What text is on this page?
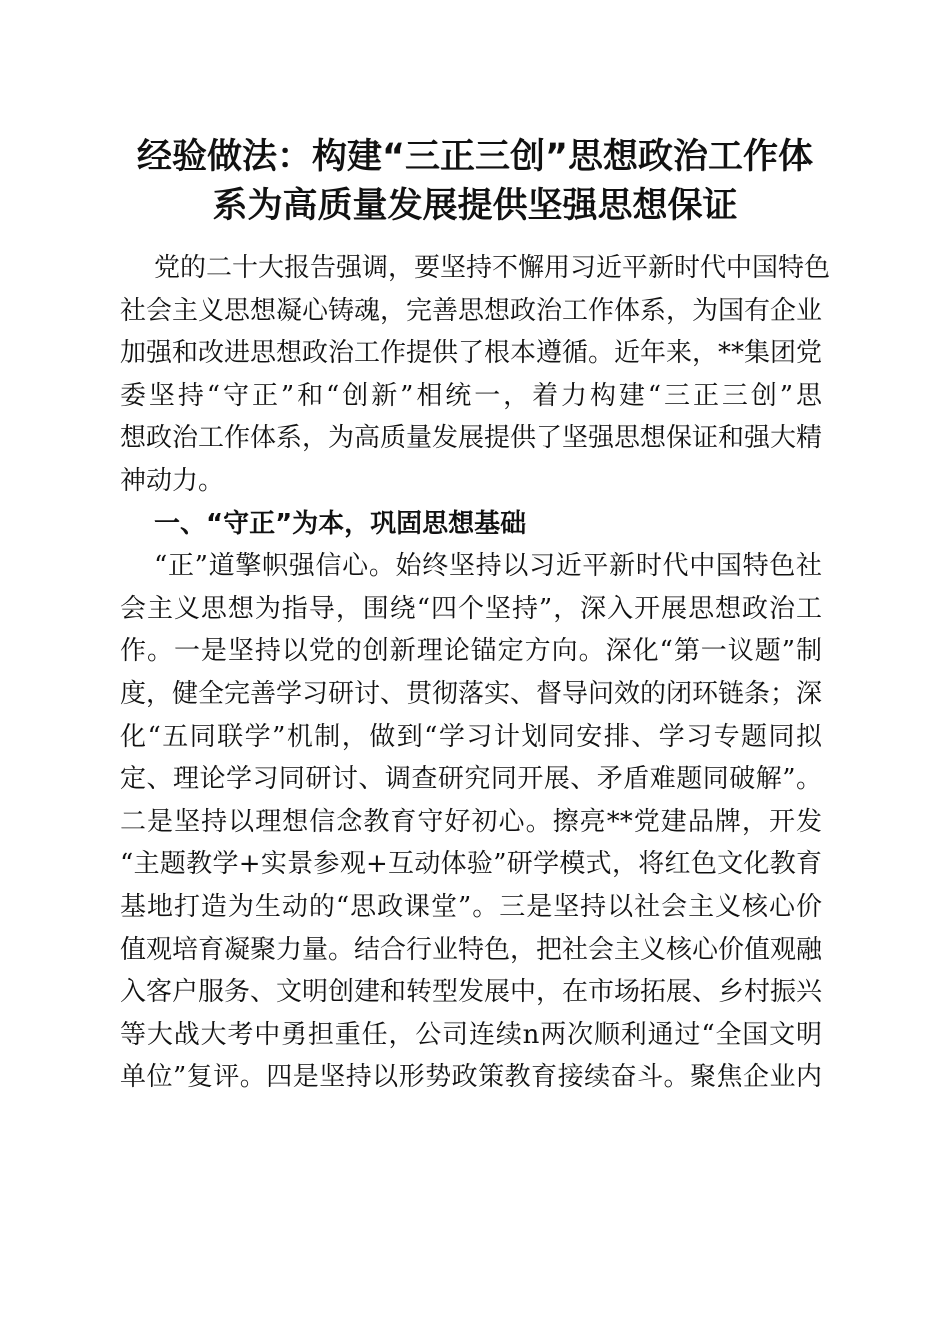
经验做法：构建“三正三创”思想政治工作体
系为高质量发展提供坚强思想保证
党的二十大报告强调，要坚持不懈用习近平新时代中国特色
社会主义思想凝心铸魂，完善思想政治工作体系，为国有企业
加强和改进思想政治工作提供了根本遵循。近年来，**集团党
委坚持“守正”和“创新”相统一，着力构建“三正三创”思
想政治工作体系，为高质量发展提供了坚强思想保证和强大精
神动力。
一、“守正”为本，巩固思想基础
“正”道擎帜强信心。始终坚持以习近平新时代中国特色社
会主义思想为指导，围绕“四个坚持”，深入开展思想政治工
作。一是坚持以党的创新理论锚定方向。深化“第一议题”制
度，健全完善学习研讨、贯彻落实、督导问效的闭环链条；深
化“五同联学”机制，做到“学习计划同安排、学习专题同拟
定、理论学习同研讨、调查研究同开展、矛盾难题同破解”。
二是坚持以理想信念教育守好初心。擦亮**党建品牌，开发
“主题教学+实景参观+互动体验”研学模式，将红色文化教育
基地打造为生动的“思政课堂”。三是坚持以社会主义核心价
值观培育凝聚力量。结合行业特色，把社会主义核心价值观融
入客户服务、文明创建和转型发展中，在市场拓展、乡村振兴
等大战大考中勇担重任，公司连续n两次顺利通过“全国文明
单位”复评。四是坚持以形势政策教育接续奋斗。聚焦企业内
